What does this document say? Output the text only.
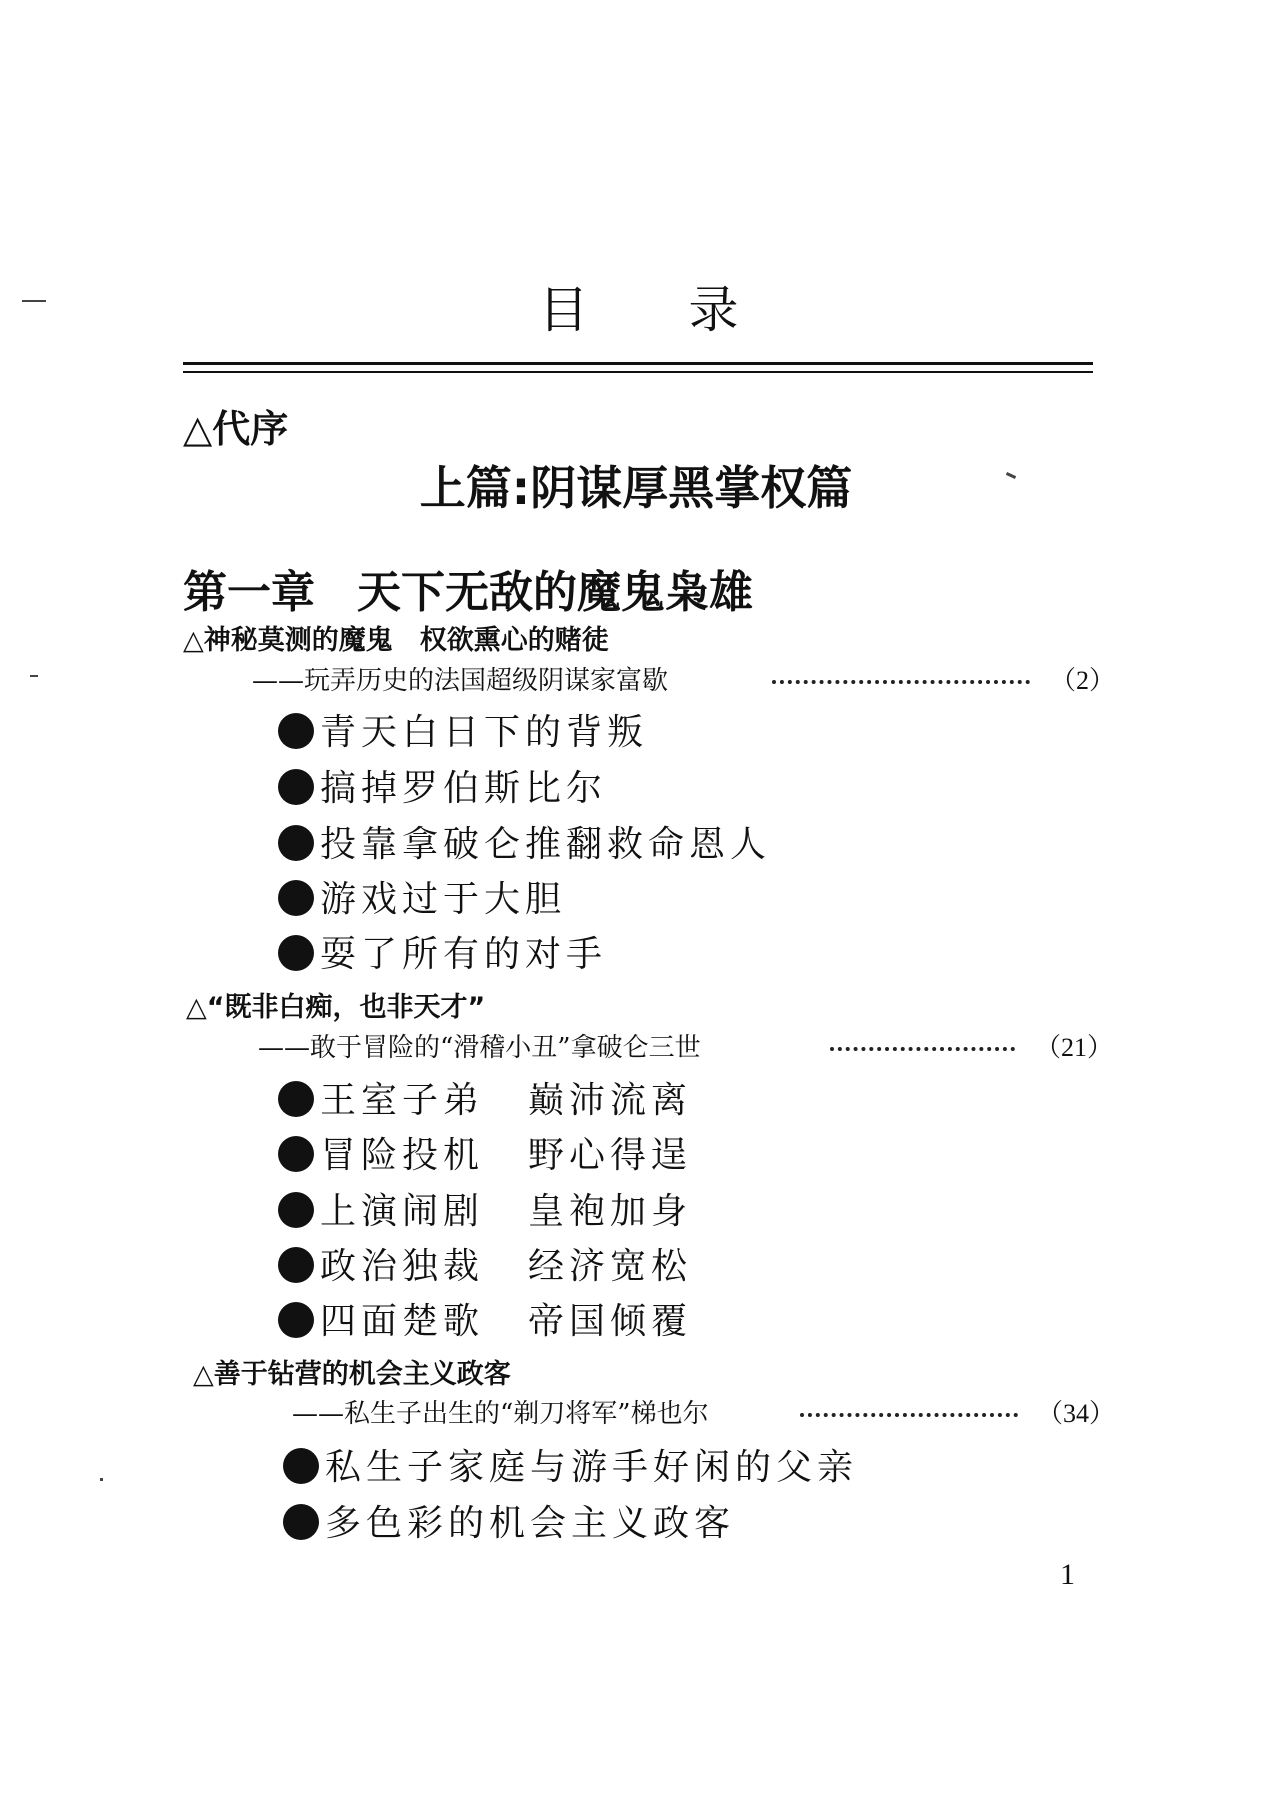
目录
△代序
上篇:阴谋厚黑掌权篇
第一章 天下无敌的魔鬼枭雄
△神秘莫测的魔鬼　权欲熏心的赌徒
——玩弄历史的法国超级阴谋家富歇	（2）
青天白日下的背叛
搞掉罗伯斯比尔
投靠拿破仑推翻救命恩人
游戏过于大胆
耍了所有的对手
△“既非白痴，也非天才”
——敢于冒险的“滑稽小丑”拿破仑三世	（21）
王室子弟 巅沛流离
冒险投机 野心得逞
上演闹剧 皇袍加身
政治独裁 经济宽松
四面楚歌 帝国倾覆
△善于钻营的机会主义政客
——私生子出生的“剃刀将军”梯也尔	（34）
私生子家庭与游手好闲的父亲
多色彩的机会主义政客
1
